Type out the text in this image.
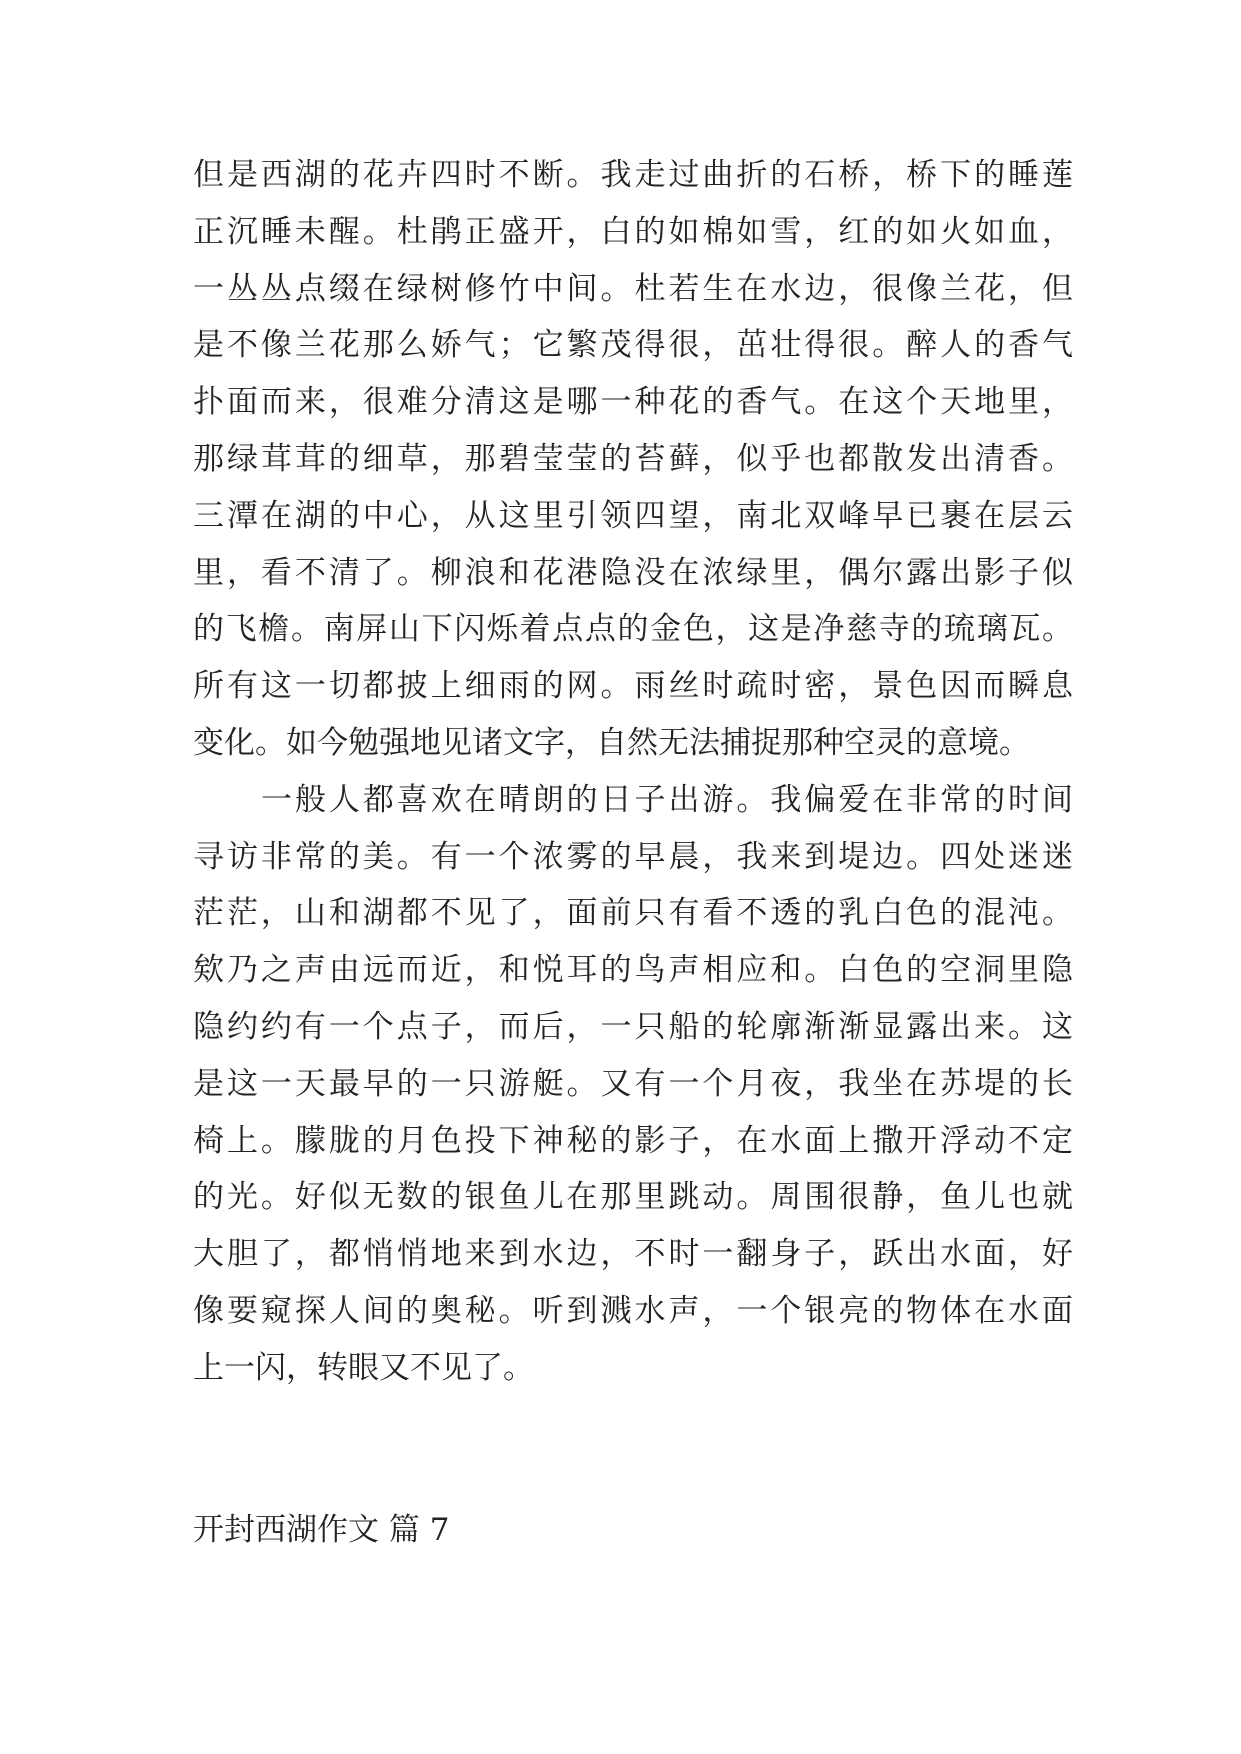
但是西湖的花卉四时不断。我走过曲折的石桥，桥下的睡莲
正沉睡未醒。杜鹃正盛开，白的如棉如雪，红的如火如血，
一丛丛点缀在绿树修竹中间。杜若生在水边，很像兰花，但
是不像兰花那么娇气；它繁茂得很，茁壮得很。醉人的香气
扑面而来，很难分清这是哪一种花的香气。在这个天地里，
那绿茸茸的细草，那碧莹莹的苔藓，似乎也都散发出清香。
三潭在湖的中心，从这里引领四望，南北双峰早已裹在层云
里，看不清了。柳浪和花港隐没在浓绿里，偶尔露出影子似
的飞檐。南屏山下闪烁着点点的金色，这是净慈寺的琉璃瓦。
所有这一切都披上细雨的网。雨丝时疏时密，景色因而瞬息
变化。如今勉强地见诸文字，自然无法捕捉那种空灵的意境。
一般人都喜欢在晴朗的日子出游。我偏爱在非常的时间
寻访非常的美。有一个浓雾的早晨，我来到堤边。四处迷迷
茫茫，山和湖都不见了，面前只有看不透的乳白色的混沌。
欸乃之声由远而近，和悦耳的鸟声相应和。白色的空洞里隐
隐约约有一个点子，而后，一只船的轮廓渐渐显露出来。这
是这一天最早的一只游艇。又有一个月夜，我坐在苏堤的长
椅上。朦胧的月色投下神秘的影子，在水面上撒开浮动不定
的光。好似无数的银鱼儿在那里跳动。周围很静，鱼儿也就
大胆了，都悄悄地来到水边，不时一翻身子，跃出水面，好
像要窥探人间的奥秘。听到溅水声，一个银亮的物体在水面
上一闪，转眼又不见了。
开封西湖作文 篇 7
